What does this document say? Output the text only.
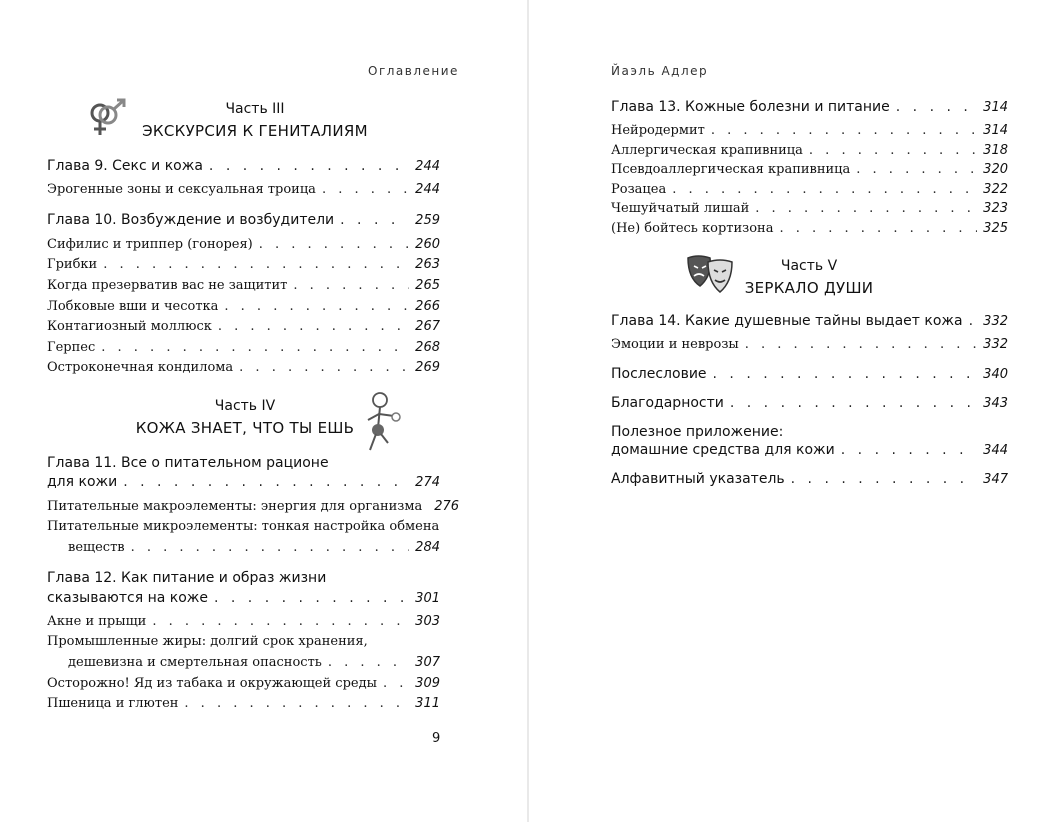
Оглавление
Часть III
ЭКСКУРСИЯ К ГЕНИТАЛИЯМ
Глава 9. Секс и кожа . . .	244
Эрогенные зоны и сексуальная троица . . .	244
Глава 10. Возбуждение и возбудители . . .	259
Сифилис и триппер (гонорея) . . .	260
Грибки . . .	263
Когда презерватив вас не защитит . . .	265
Лобковые вши и чесотка . . .	266
Контагиозный моллюск . . .	267
Герпес . . .	268
Остроконечная кондилома . . .	269
Часть IV
КОЖА ЗНАЕТ, ЧТО ТЫ ЕШЬ
Глава 11. Все о питательном рационе
для кожи . . .	274
Питательные макроэлементы: энергия для организма 276
Питательные микроэлементы: тонкая настройка обмена
веществ . . .	284
Глава 12. Как питание и образ жизни
сказываются на коже . . .	301
Акне и прыщи . . .	303
Промышленные жиры: долгий срок хранения,
дешевизна и смертельная опасность . . .	307
Осторожно! Яд из табака и окружающей среды . . .	309
Пшеница и глютен . . .	311
9
Йаэль Адлер
Глава 13. Кожные болезни и питание . . .	314
Нейродермит . . .	314
Аллергическая крапивница . . .	318
Псевдоаллергическая крапивница . . .	320
Розацеа . . .	322
Чешуйчатый лишай . . .	323
(Не) бойтесь кортизона . . .	325
Часть V
ЗЕРКАЛО ДУШИ
Глава 14. Какие душевные тайны выдает кожа . . . 332
Эмоции и неврозы . . .	332
Послесловие . . .	340
Благодарности . . .	343
Полезное приложение:
домашние средства для кожи . . .	344
Алфавитный указатель . . .	347
